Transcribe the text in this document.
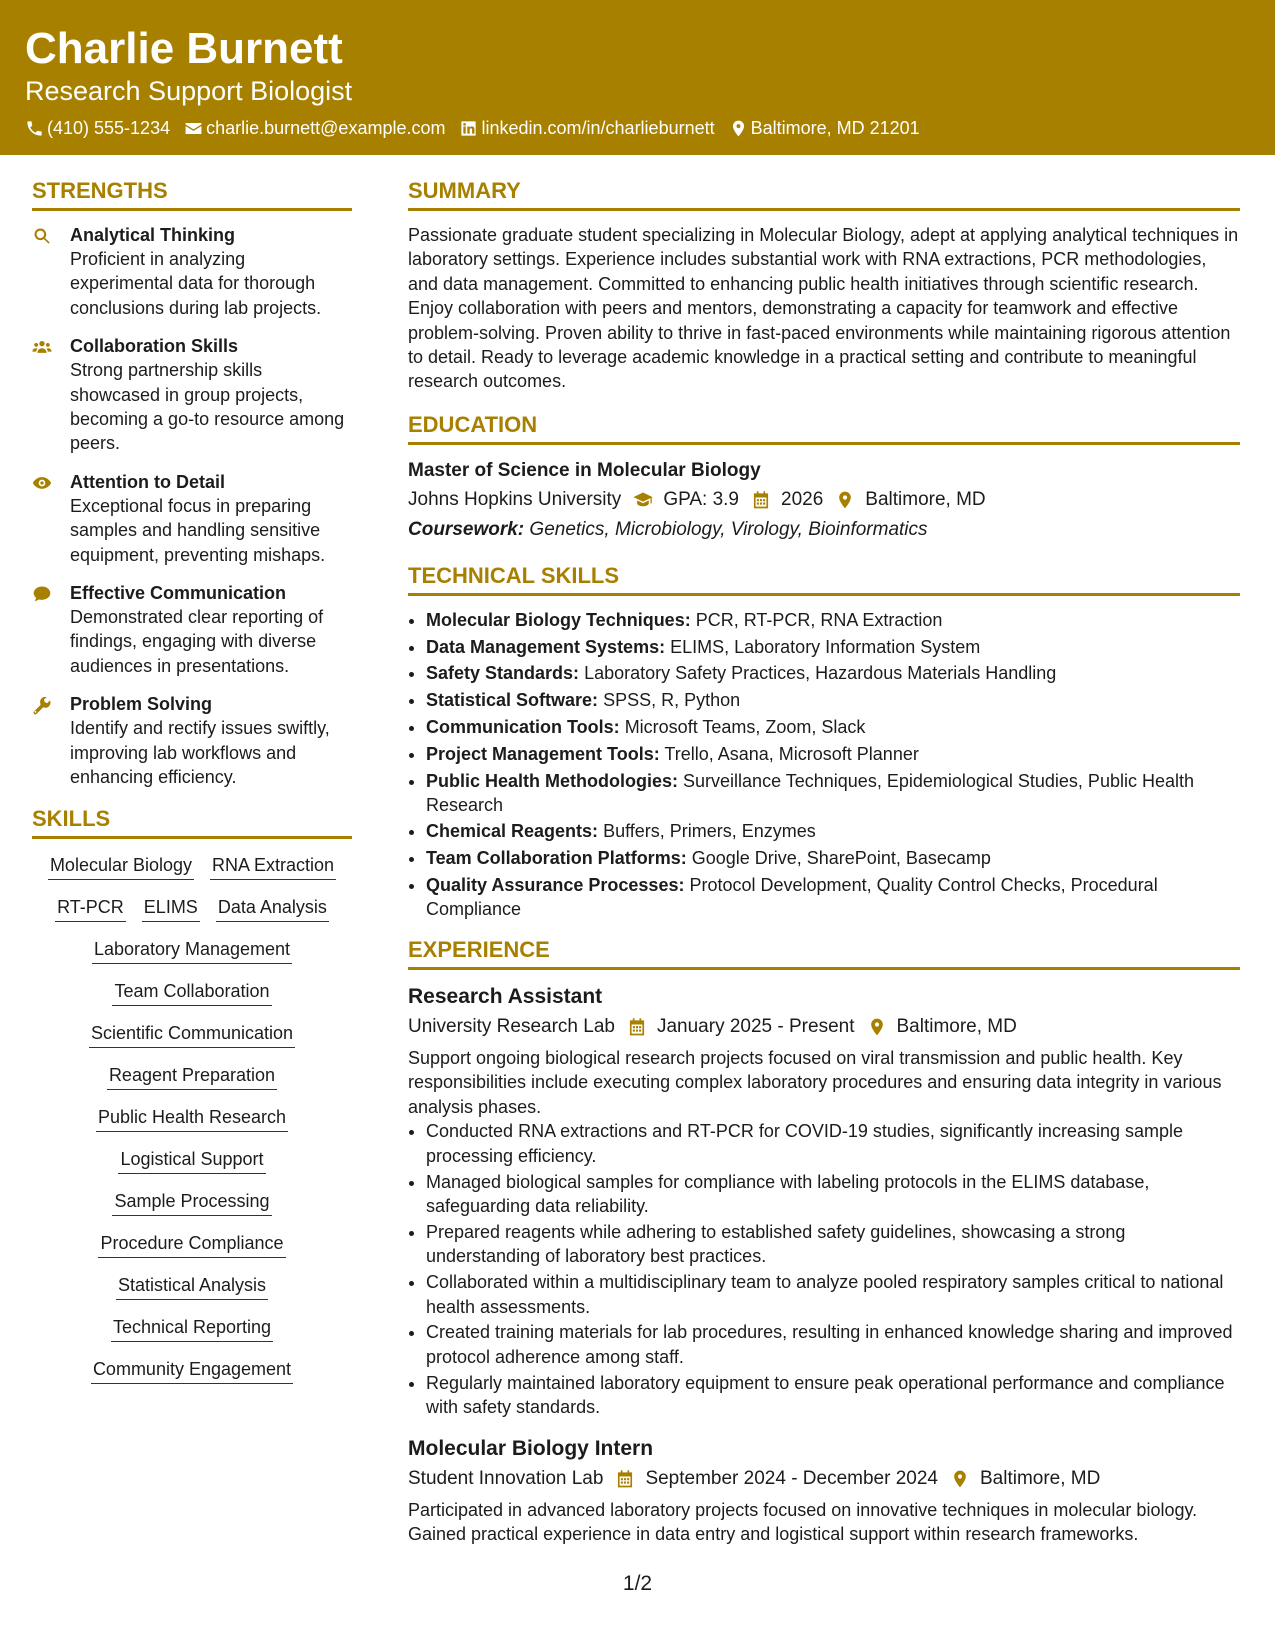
Charlie Burnett
Research Support Biologist
(410) 555-1234 charlie.burnett@example.com linkedin.com/in/charlieburnett Baltimore, MD 21201
STRENGTHS
Analytical Thinking
Proficient in analyzing experimental data for thorough conclusions during lab projects.
Collaboration Skills
Strong partnership skills showcased in group projects, becoming a go-to resource among peers.
Attention to Detail
Exceptional focus in preparing samples and handling sensitive equipment, preventing mishaps.
Effective Communication
Demonstrated clear reporting of findings, engaging with diverse audiences in presentations.
Problem Solving
Identify and rectify issues swiftly, improving lab workflows and enhancing efficiency.
SKILLS
Molecular Biology RNA Extraction
RT-PCR ELIMS Data Analysis
Laboratory Management
Team Collaboration
Scientific Communication
Reagent Preparation
Public Health Research
Logistical Support
Sample Processing
Procedure Compliance
Statistical Analysis
Technical Reporting
Community Engagement
SUMMARY
Passionate graduate student specializing in Molecular Biology, adept at applying analytical techniques in laboratory settings. Experience includes substantial work with RNA extractions, PCR methodologies, and data management. Committed to enhancing public health initiatives through scientific research. Enjoy collaboration with peers and mentors, demonstrating a capacity for teamwork and effective problem-solving. Proven ability to thrive in fast-paced environments while maintaining rigorous attention to detail. Ready to leverage academic knowledge in a practical setting and contribute to meaningful research outcomes.
EDUCATION
Master of Science in Molecular Biology
Johns Hopkins University GPA: 3.9 2026 Baltimore, MD
Coursework: Genetics, Microbiology, Virology, Bioinformatics
TECHNICAL SKILLS
• Molecular Biology Techniques: PCR, RT-PCR, RNA Extraction
• Data Management Systems: ELIMS, Laboratory Information System
• Safety Standards: Laboratory Safety Practices, Hazardous Materials Handling
• Statistical Software: SPSS, R, Python
• Communication Tools: Microsoft Teams, Zoom, Slack
• Project Management Tools: Trello, Asana, Microsoft Planner
• Public Health Methodologies: Surveillance Techniques, Epidemiological Studies, Public Health Research
• Chemical Reagents: Buffers, Primers, Enzymes
• Team Collaboration Platforms: Google Drive, SharePoint, Basecamp
• Quality Assurance Processes: Protocol Development, Quality Control Checks, Procedural Compliance
EXPERIENCE
Research Assistant
University Research Lab January 2025 - Present Baltimore, MD
Support ongoing biological research projects focused on viral transmission and public health. Key responsibilities include executing complex laboratory procedures and ensuring data integrity in various analysis phases.
• Conducted RNA extractions and RT-PCR for COVID-19 studies, significantly increasing sample processing efficiency.
• Managed biological samples for compliance with labeling protocols in the ELIMS database, safeguarding data reliability.
• Prepared reagents while adhering to established safety guidelines, showcasing a strong understanding of laboratory best practices.
• Collaborated within a multidisciplinary team to analyze pooled respiratory samples critical to national health assessments.
• Created training materials for lab procedures, resulting in enhanced knowledge sharing and improved protocol adherence among staff.
• Regularly maintained laboratory equipment to ensure peak operational performance and compliance with safety standards.
Molecular Biology Intern
Student Innovation Lab September 2024 - December 2024 Baltimore, MD
Participated in advanced laboratory projects focused on innovative techniques in molecular biology. Gained practical experience in data entry and logistical support within research frameworks.
1/2
